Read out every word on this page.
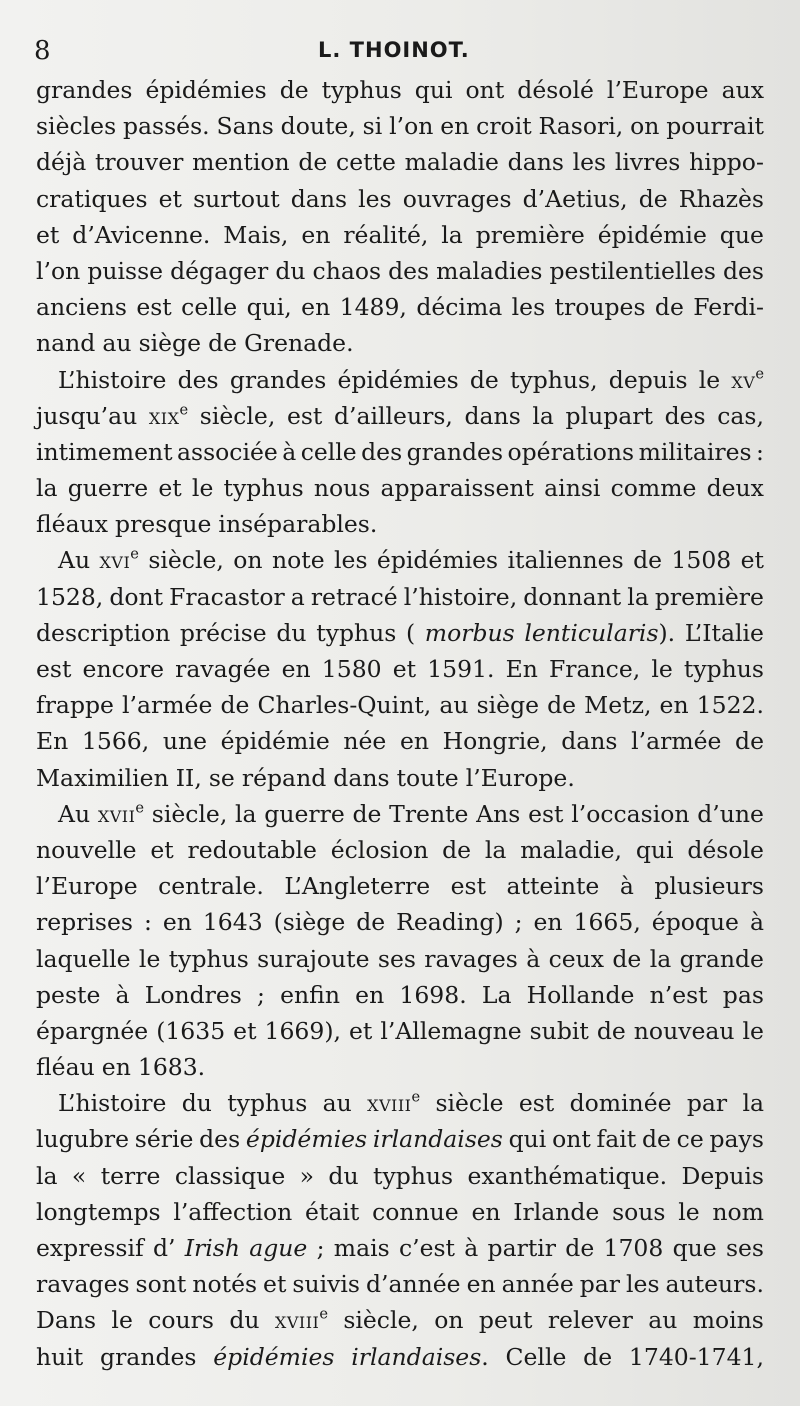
8	L. THOINOT.
grandes épidémies de typhus qui ont désolé l’Europe aux
siècles passés. Sans doute, si l’on en croit Rasori, on pourrait
déjà trouver mention de cette maladie dans les livres hippo-
cratiques et surtout dans les ouvrages d’Aetius, de Rhazès
et d’Avicenne. Mais, en réalité, la première épidémie que
l’on puisse dégager du chaos des maladies pestilentielles des
anciens est celle qui, en 1489, décima les troupes de Ferdi-
nand au siège de Grenade.
L’histoire des grandes épidémies de typhus, depuis le $xv^e$
jusqu’au xix$^e$ siècle, est d’ailleurs, dans la plupart des cas,
intimement associée à celle des grandes opérations militaires :
la guerre et le typhus nous apparaissent ainsi comme deux
fléaux presque inséparables.
Au xvi$^e$ siècle, on note les épidémies italiennes de 1508 et
1528, dont Fracastor a retracé l’histoire, donnant la première
description précise du typhus ( morbus lenticularis). L’Italie
est encore ravagée en 1580 et 1591. En France, le typhus
frappe l’armée de Charles-Quint, au siège de Metz, en 1522.
En 1566, une épidémie née en Hongrie, dans l’armée de
Maximilien II, se répand dans toute l’Europe.
Au xvii$^e$ siècle, la guerre de Trente Ans est l’occasion d’une
nouvelle et redoutable éclosion de la maladie, qui désole
l’Europe centrale. L’Angleterre est atteinte à plusieurs
reprises : en 1643 (siège de Reading) ; en 1665, époque à
laquelle le typhus surajoute ses ravages à ceux de la grande
peste à Londres ; enfin en 1698. La Hollande n’est pas
épargnée (1635 et 1669), et l’Allemagne subit de nouveau le
fléau en 1683.
L’histoire du typhus au xviii$^e$ siècle est dominée par la
lugubre série des épidémies irlandaises qui ont fait de ce pays
la « terre classique » du typhus exanthématique. Depuis
longtemps l’affection était connue en Irlande sous le nom
expressif d’ Irish ague ; mais c’est à partir de 1708 que ses
ravages sont notés et suivis d’année en année par les auteurs.
Dans le cours du xviii$^e$ siècle, on peut relever au moins
huit grandes épidémies irlandaises. Celle de 1740-1741,
